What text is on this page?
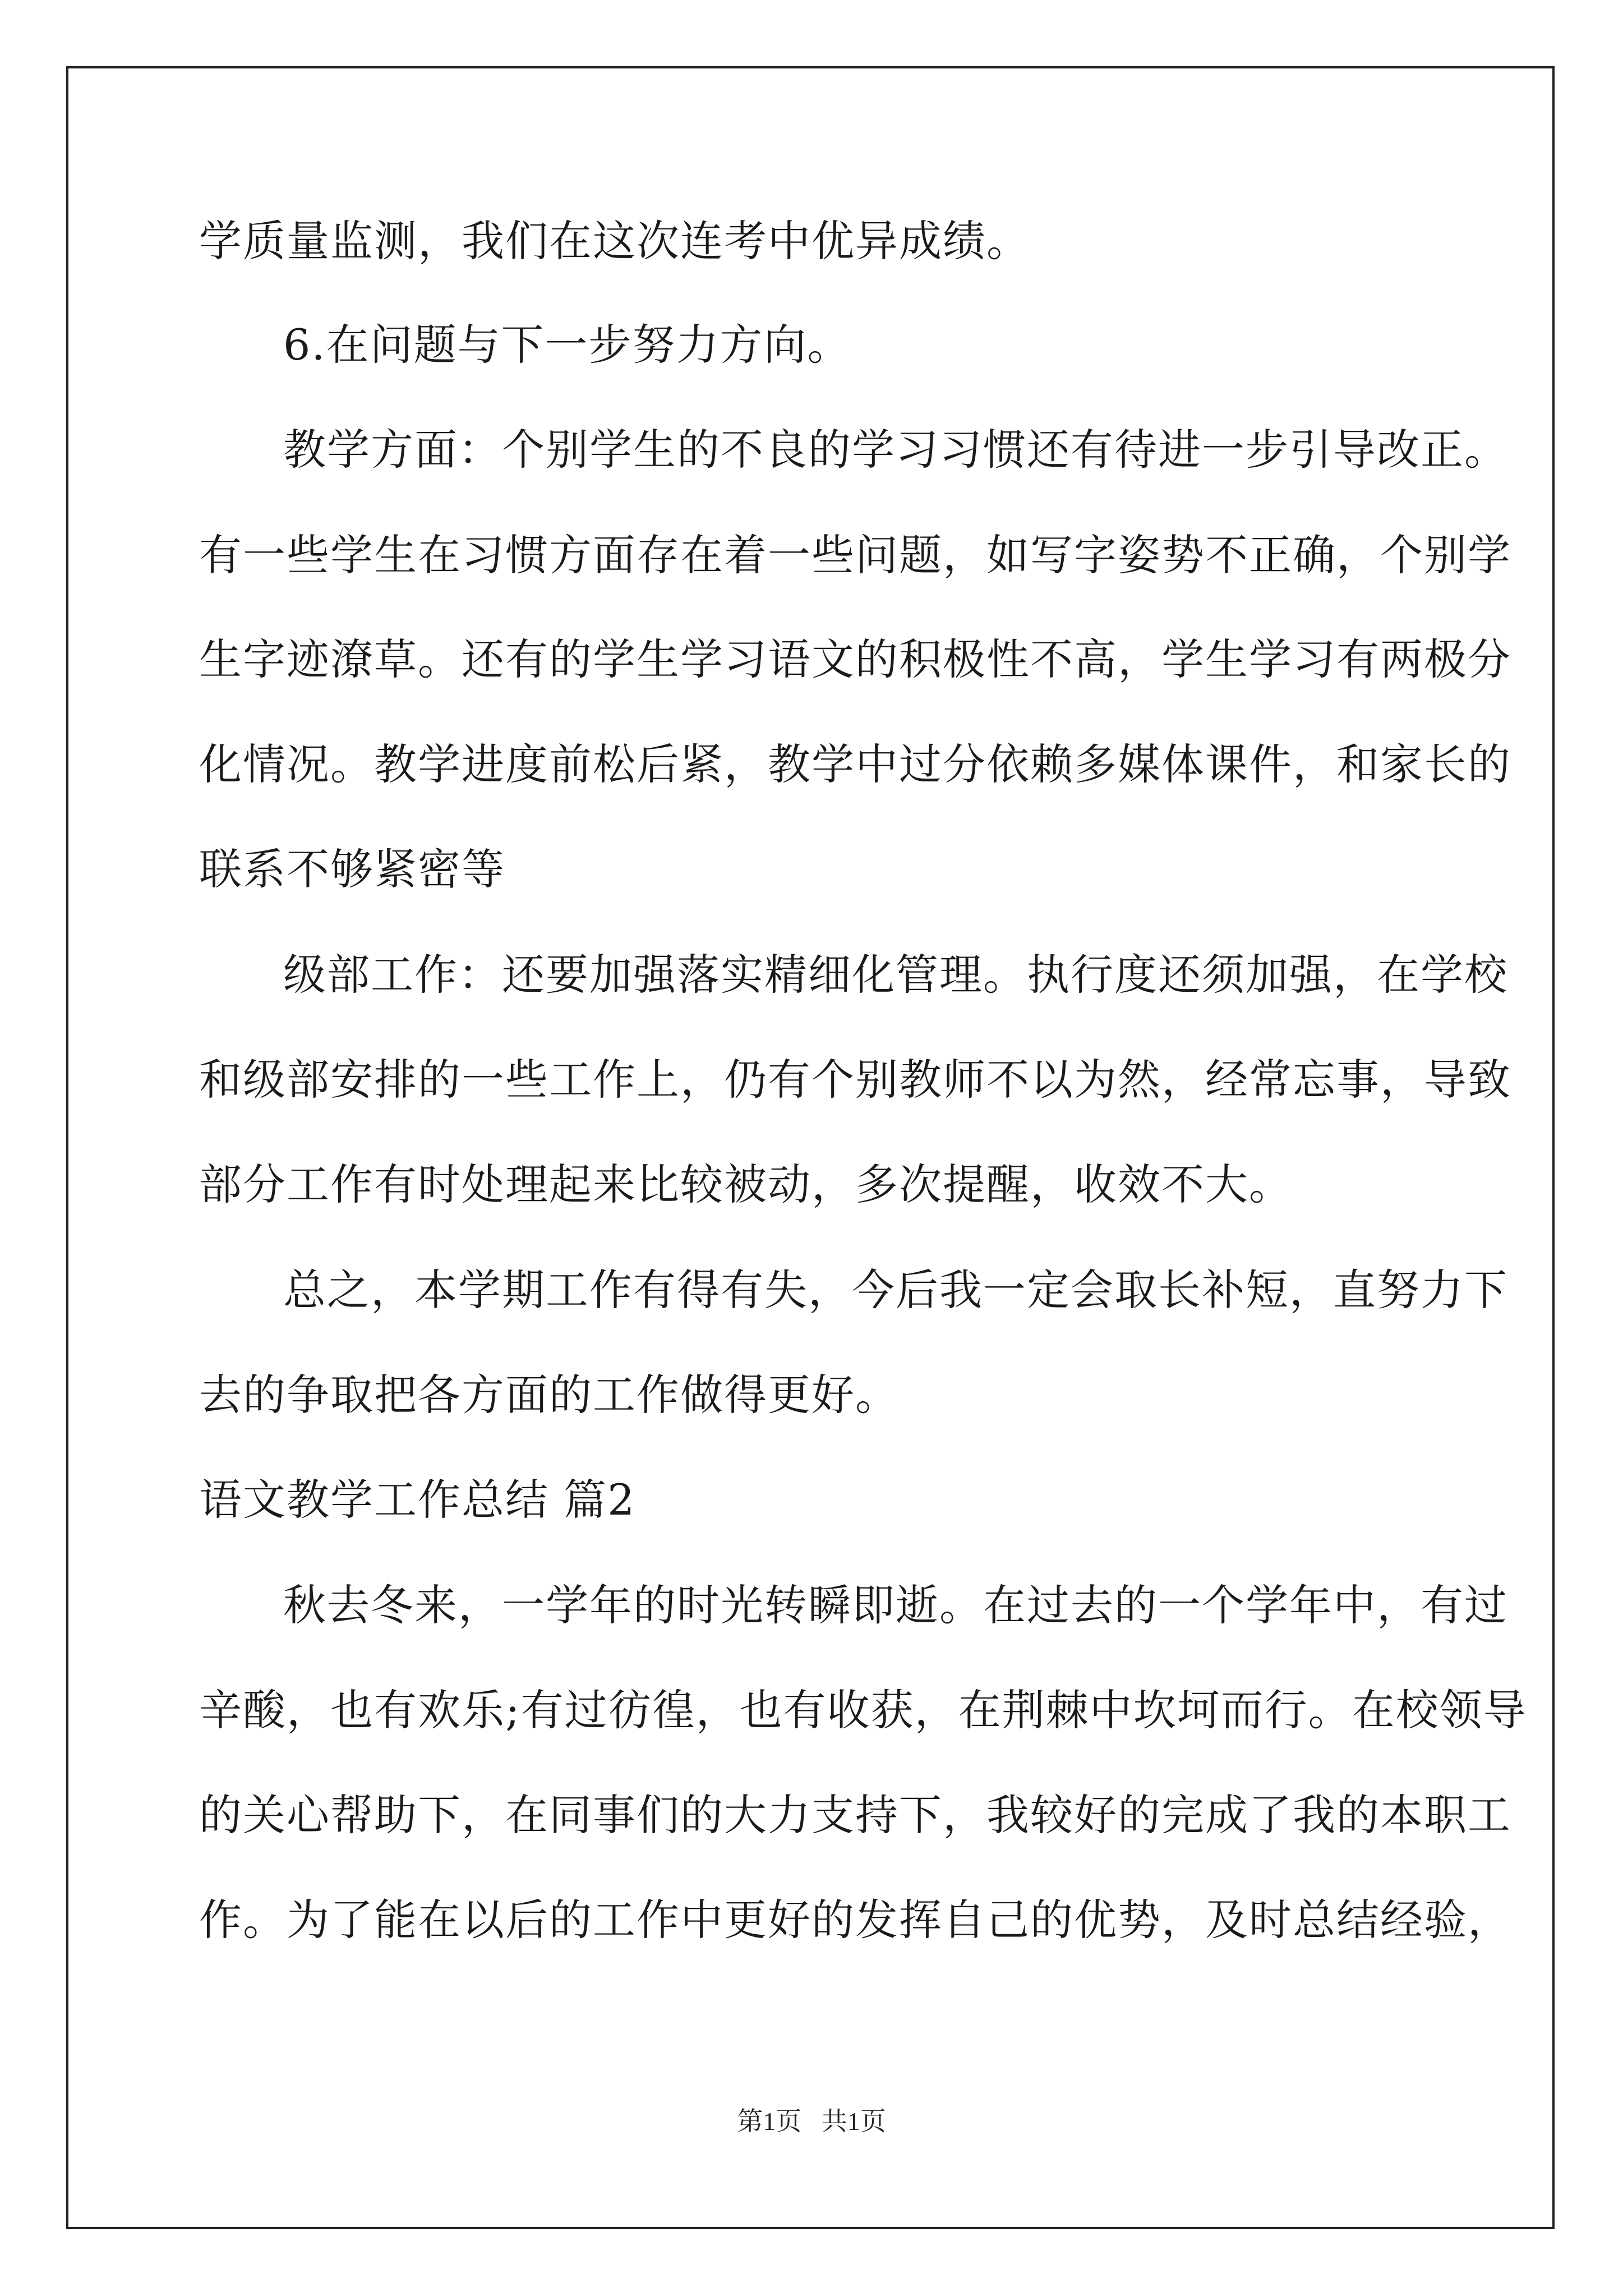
学质量监测，我们在这次连考中优异成绩。
6.在问题与下一步努力方向。
教学方面：个别学生的不良的学习习惯还有待进一步引导改正。
有一些学生在习惯方面存在着一些问题，如写字姿势不正确，个别学
生字迹潦草。还有的学生学习语文的积极性不高，学生学习有两极分
化情况。教学进度前松后紧，教学中过分依赖多媒体课件，和家长的
联系不够紧密等
级部工作：还要加强落实精细化管理。执行度还须加强，在学校
和级部安排的一些工作上，仍有个别教师不以为然，经常忘事，导致
部分工作有时处理起来比较被动，多次提醒，收效不大。
总之，本学期工作有得有失，今后我一定会取长补短，直努力下
去的争取把各方面的工作做得更好。
语文教学工作总结 篇2
秋去冬来，一学年的时光转瞬即逝。在过去的一个学年中，有过
辛酸，也有欢乐;有过彷徨，也有收获，在荆棘中坎坷而行。在校领导
的关心帮助下，在同事们的大力支持下，我较好的完成了我的本职工
作。为了能在以后的工作中更好的发挥自己的优势，及时总结经验，
第1页 共1页
